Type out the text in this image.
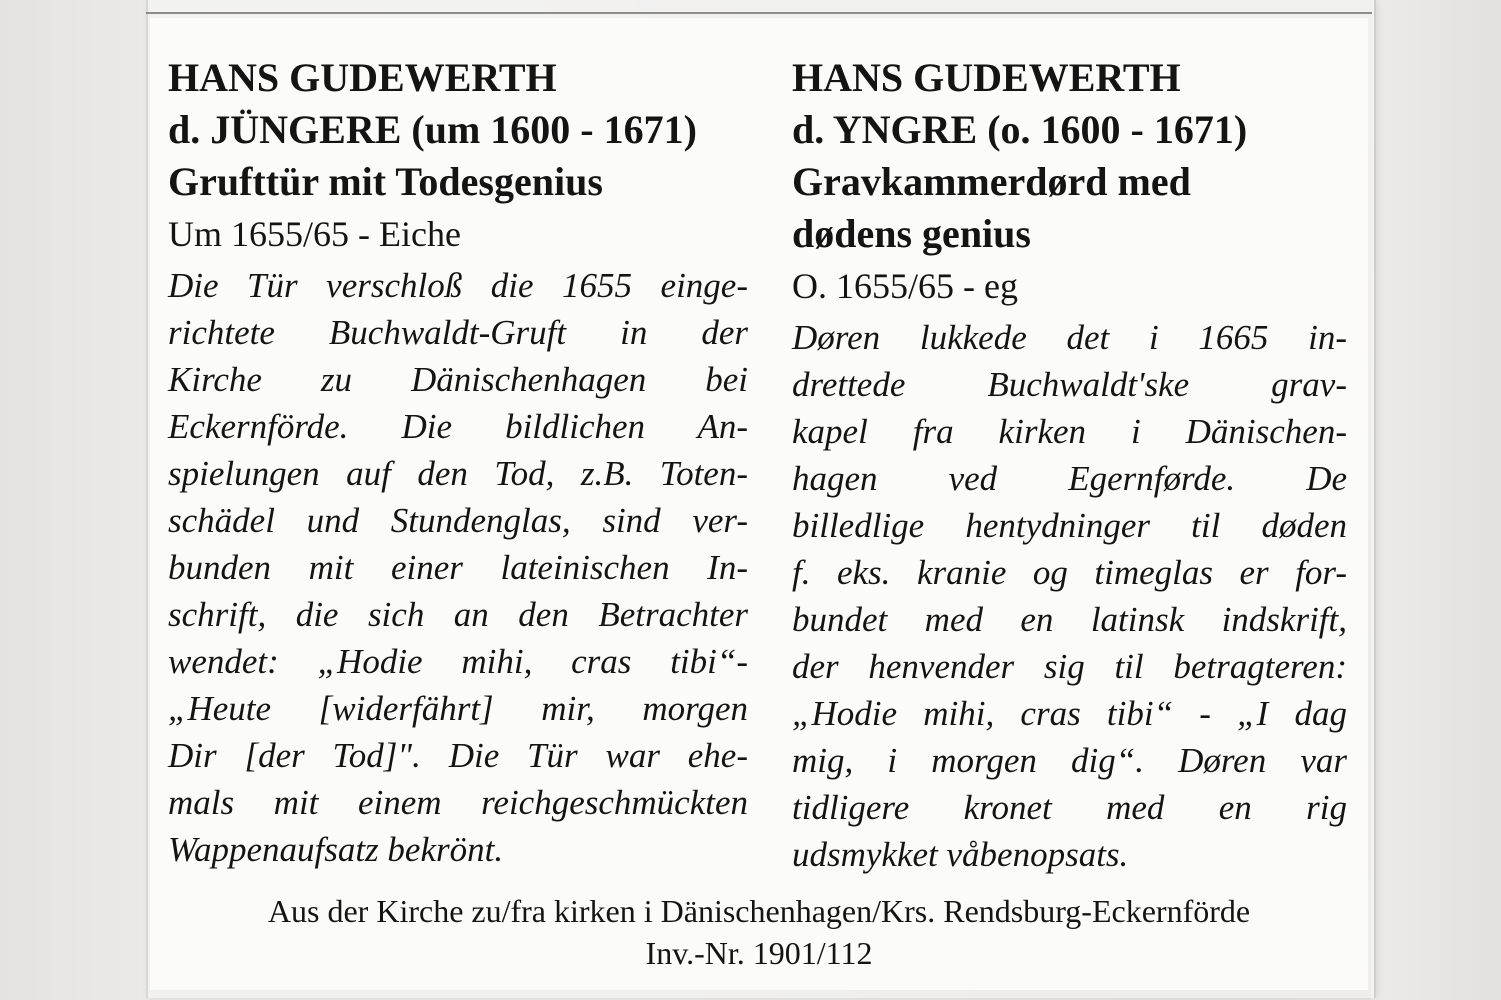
HANS GUDEWERTH

d. JÜNGERE (um 1600 - 1671)

Grufttür mit Todesgenius

Um 1655/65 - Eiche

Die Tür verschloß die 1655 einge-
richtete Buchwaldt-Gruft in der
Kirche zu Dänischenhagen bei
Eckernförde. Die bildlichen An-
spielungen auf den Tod, z.B. Toten-
schädel und Stundenglas, sind ver-
bunden mit einer lateinischen In-
schrift, die sich an den Betrachter
wendet: „Hodie mihi, cras tibi“-
„Heute [widerfährt] mir, morgen
Dir [der Tod]". Die Tür war ehe-
mals mit einem reichgeschmückten
Wappenaufsatz bekrönt.

HANS GUDEWERTH

d. YNGRE (o. 1600 - 1671)

Gravkammerdørd med

dødens genius

O. 1655/65 - eg

Døren lukkede det i 1665 in-
drettede Buchwaldt'ske grav-
kapel fra kirken i Dänischen-
hagen ved Egernførde. De
billedlige hentydninger til døden
f. eks. kranie og timeglas er for-
bundet med en latinsk indskrift,
der henvender sig til betragteren:
„Hodie mihi, cras tibi“ - „I dag
mig, i morgen dig“. Døren var
tidligere kronet med en rig
udsmykket våbenopsats.
Aus der Kirche zu/fra kirken i Dänischenhagen/Krs. Rendsburg-Eckernförde
Inv.-Nr. 1901/112
